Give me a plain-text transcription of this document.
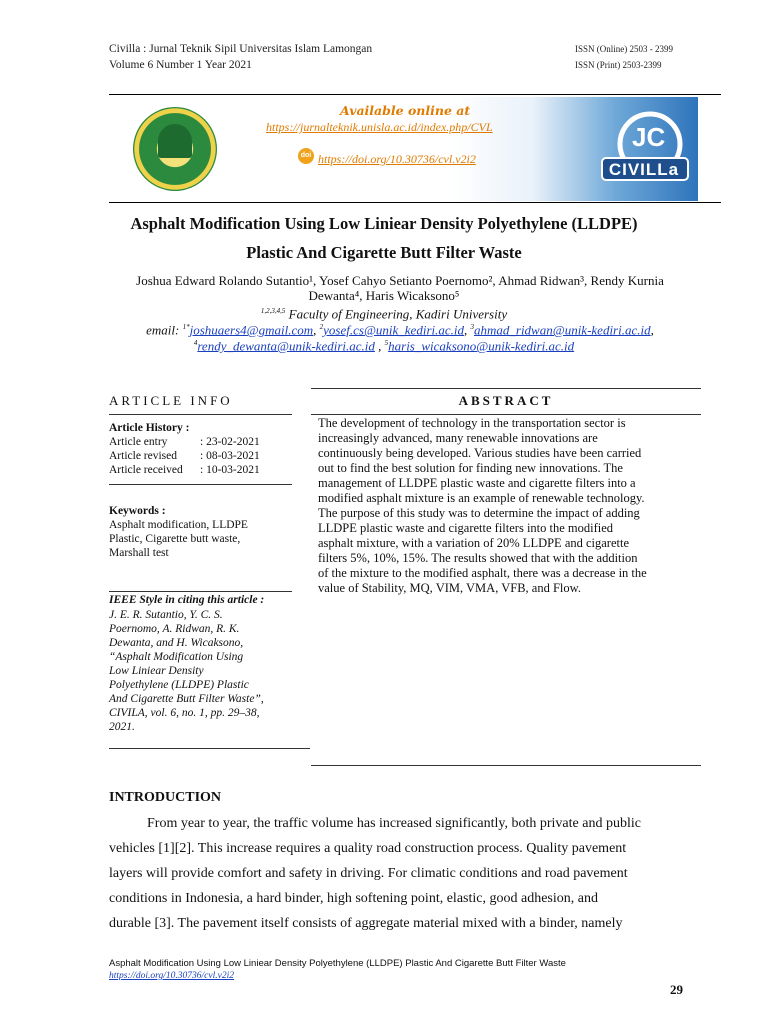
Civilla : Jurnal Teknik Sipil Universitas Islam Lamongan
Volume 6 Number 1 Year 2021
ISSN (Online) 2503 - 2399
ISSN (Print) 2503-2399
Available online at
https://jurnalteknik.unisla.ac.id/index.php/CVL
doi https://doi.org/10.30736/cvl.v2i2
CIVILLa
JC
Asphalt Modification Using Low Liniear Density Polyethylene (LLDPE)
Plastic And Cigarette Butt Filter Waste
Joshua Edward Rolando Sutantio¹, Yosef Cahyo Setianto Poernomo², Ahmad Ridwan³, Rendy Kurnia
Dewanta⁴, Haris Wicaksono⁵
$^{1,2,3,4,5}$ Faculty of Engineering, Kadiri University
email: $^{1*}$joshuaers4@gmail.com, $^2$yosef.cs@unik_kediri.ac.id, $^3$ahmad_ridwan@unik-kediri.ac.id,
$^4$rendy_dewanta@unik-kediri.ac.id , $^5$haris_wicaksono@unik-kediri.ac.id
ARTICLE INFO
Article History :
Article entry	: 23-02-2021
Article revised : 08-03-2021
Article received : 10-03-2021
Keywords :
Asphalt modification, LLDPE
Plastic, Cigarette butt waste,
Marshall test
IEEE Style in citing this article :
J. E. R. Sutantio, Y. C. S.
Poernomo, A. Ridwan, R. K.
Dewanta, and H. Wicaksono,
“Asphalt Modification Using
Low Liniear Density
Polyethylene (LLDPE) Plastic
And Cigarette Butt Filter Waste”,
CIVILA, vol. 6, no. 1, pp. 29–38,
2021.
ABSTRACT
The development of technology in the transportation sector is
increasingly advanced, many renewable innovations are
continuously being developed. Various studies have been carried
out to find the best solution for finding new innovations. The
management of LLDPE plastic waste and cigarette filters into a
modified asphalt mixture is an example of renewable technology.
The purpose of this study was to determine the impact of adding
LLDPE plastic waste and cigarette filters into the modified
asphalt mixture, with a variation of 20% LLDPE and cigarette
filters 5%, 10%, 15%. The results showed that with the addition
of the mixture to the modified asphalt, there was a decrease in the
value of Stability, MQ, VIM, VMA, VFB, and Flow.
INTRODUCTION
From year to year, the traffic volume has increased significantly, both private and public
vehicles [1][2]. This increase requires a quality road construction process. Quality pavement
layers will provide comfort and safety in driving. For climatic conditions and road pavement
conditions in Indonesia, a hard binder, high softening point, elastic, good adhesion, and
durable [3]. The pavement itself consists of aggregate material mixed with a binder, namely
Asphalt Modification Using Low Liniear Density Polyethylene (LLDPE) Plastic And Cigarette Butt Filter Waste
https://doi.org/10.30736/cvl.v2i2
29
